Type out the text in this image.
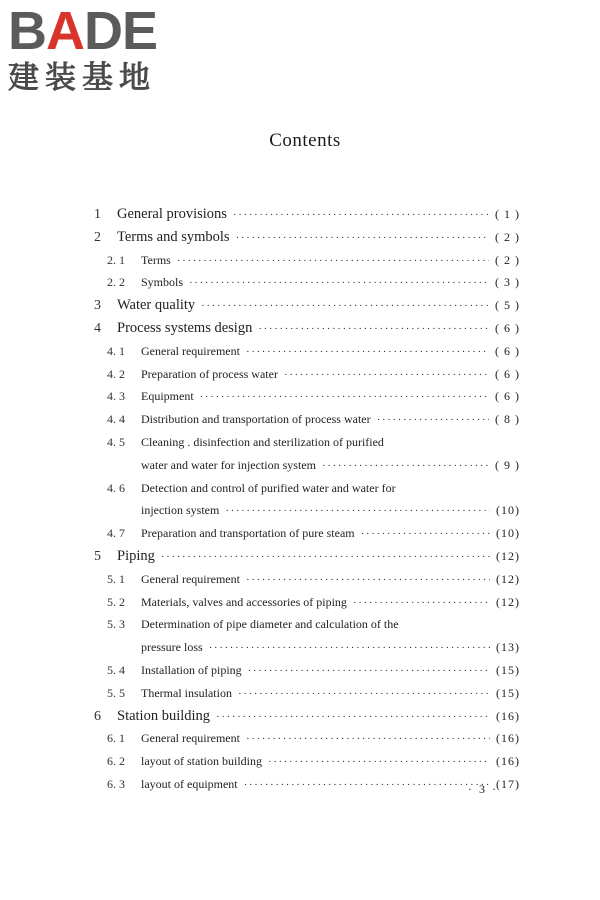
BADE
建装基地
Contents
1	General provisions ·····	( 1 )
2	Terms and symbols ·····	( 2 )
2. 1	Terms ·····	( 2 )
2. 2	Symbols ·····	( 3 )
3	Water quality ·····	( 5 )
4	Process systems design ·····	( 6 )
4. 1	General requirement ·····	( 6 )
4. 2	Preparation of process water ·····	( 6 )
4. 3	Equipment ·····	( 6 )
4. 4	Distribution and transportation of process water ·····	( 8 )
4. 5	Cleaning . disinfection and sterilization of purified
water and water for injection system ·····	( 9 )
4. 6	Detection and control of purified water and water for
injection system ·····	(10)
4. 7	Preparation and transportation of pure steam ·····	(10)
5	Piping ·····	(12)
5. 1	General requirement ·····	(12)
5. 2	Materials, valves and accessories of piping ·····	(12)
5. 3	Determination of pipe diameter and calculation of the
pressure loss ·····	(13)
5. 4	Installation of piping ·····	(15)
5. 5	Thermal insulation ·····	(15)
6	Station building ·····	(16)
6. 1	General requirement ·····	(16)
6. 2	layout of station building ·····	(16)
6. 3	layout of equipment ·····	(17)
· 3 ·
